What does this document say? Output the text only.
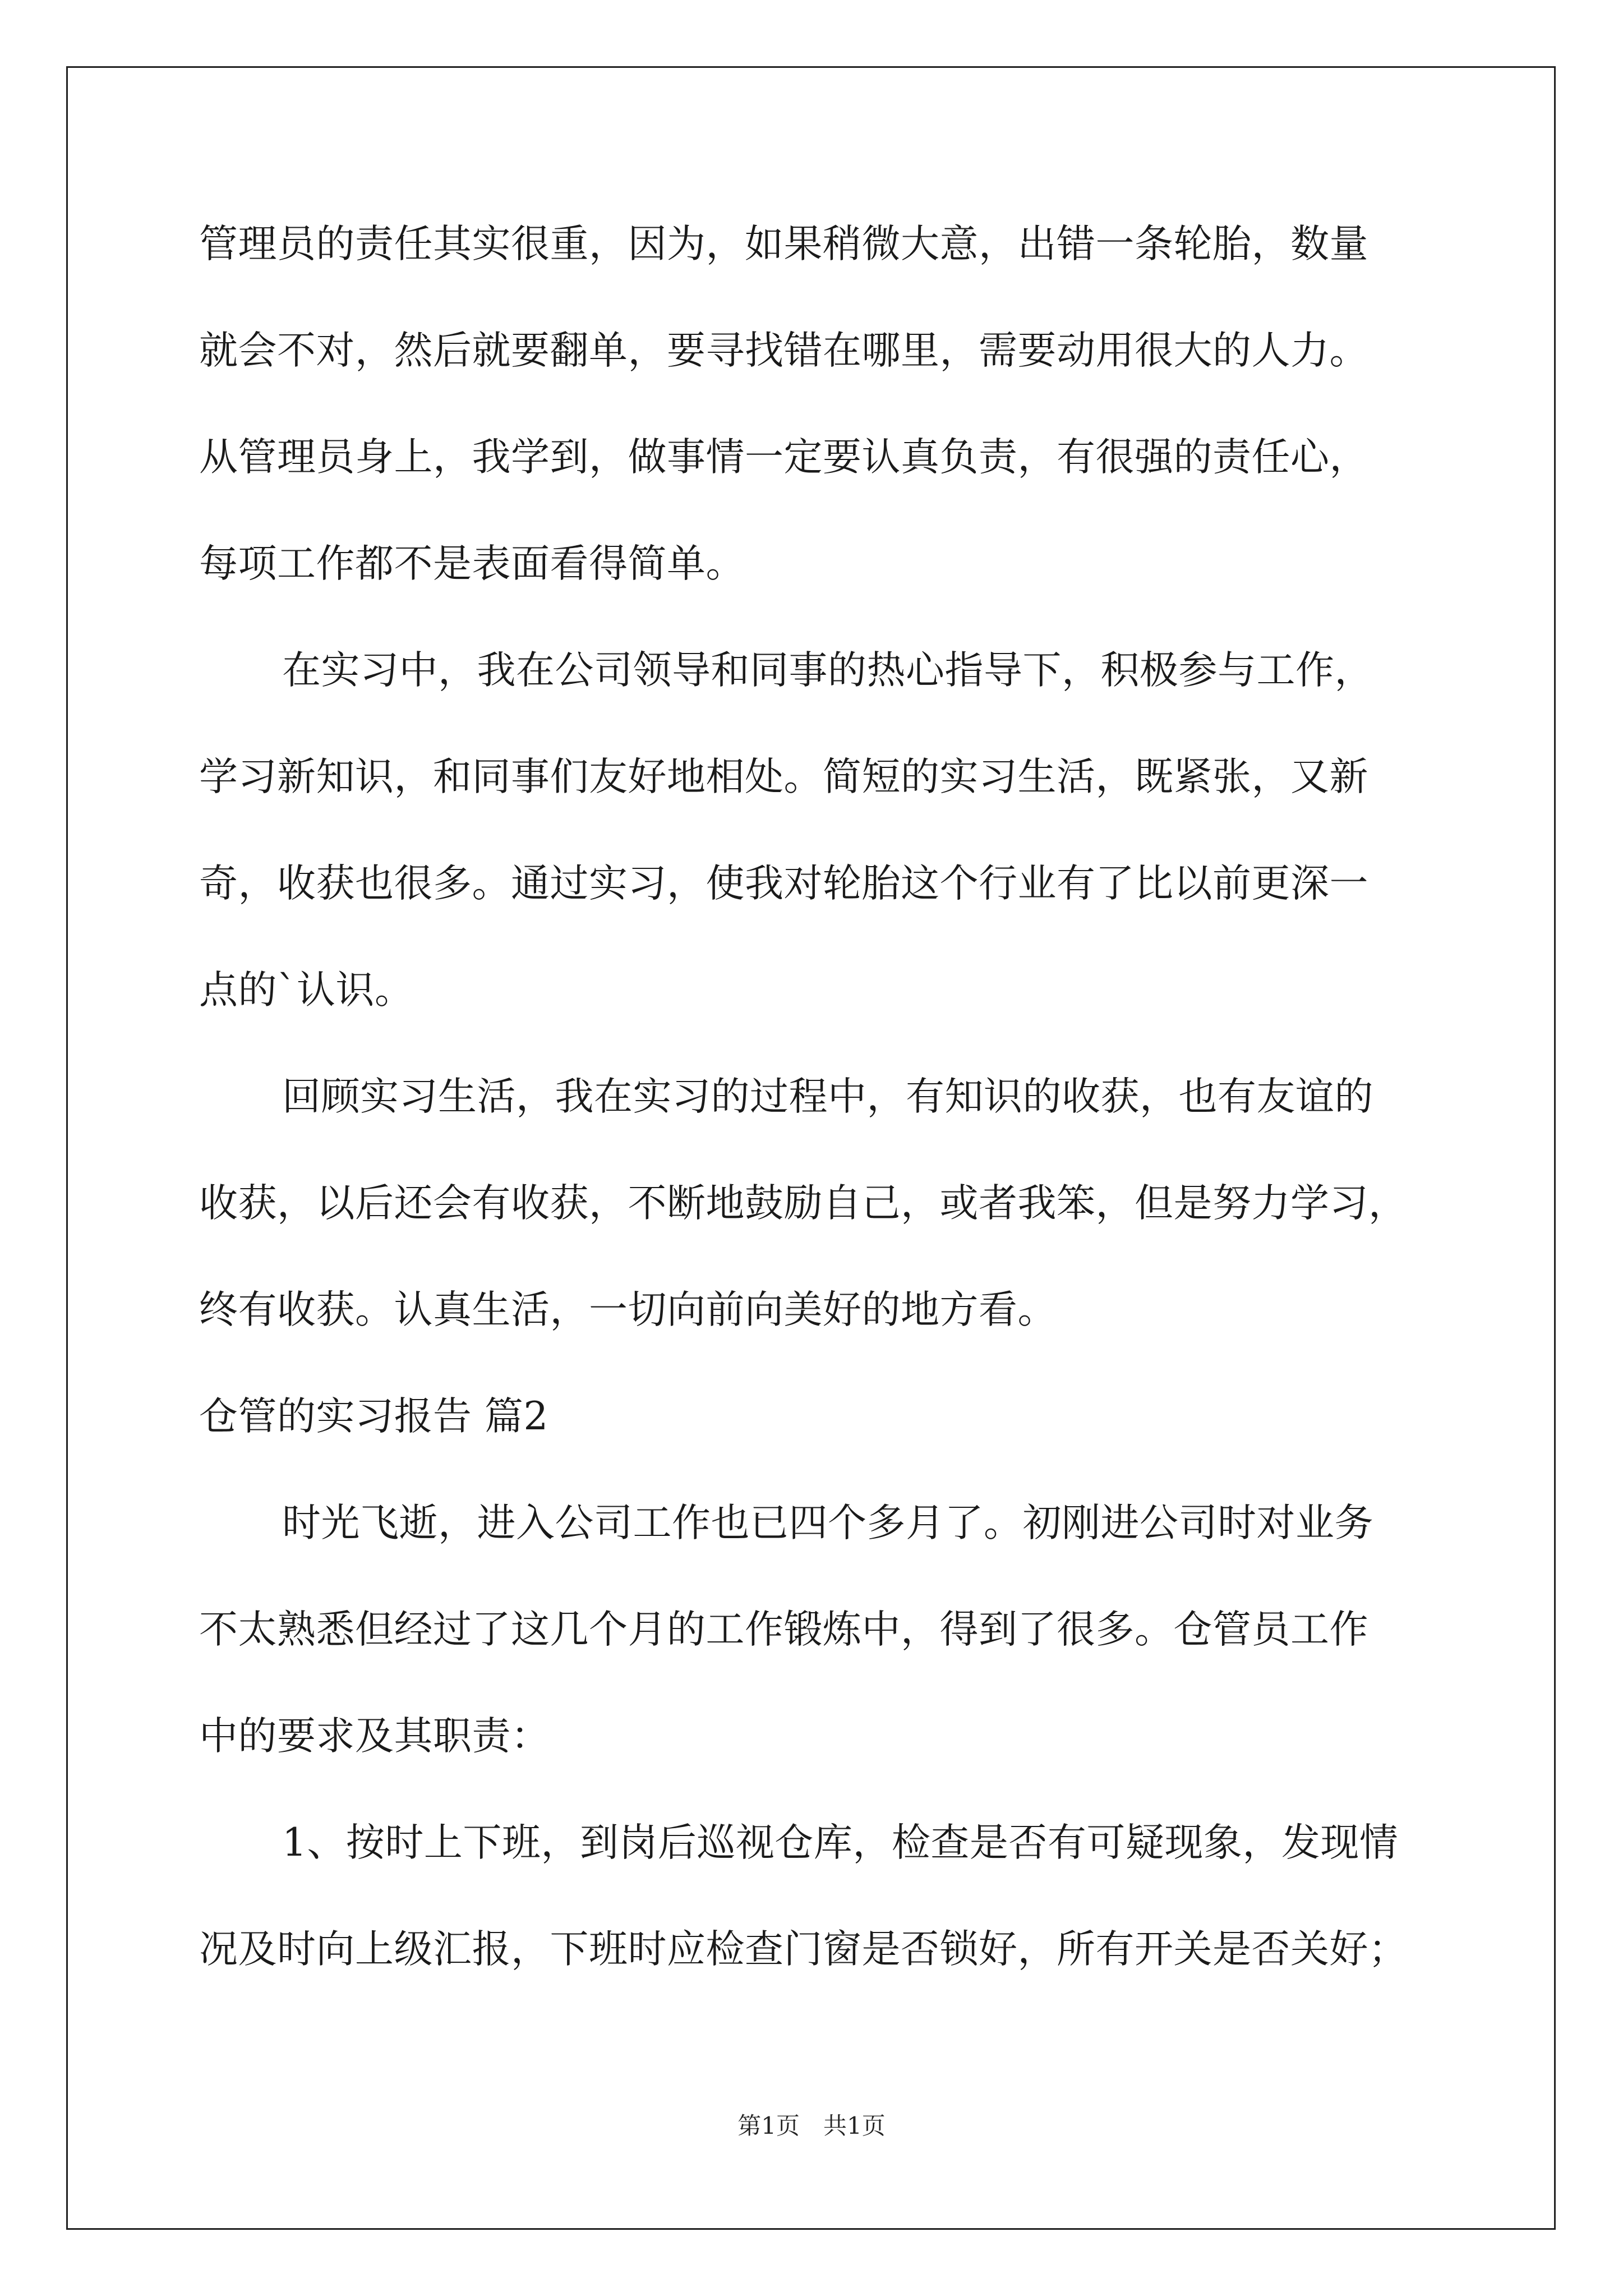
管理员的责任其实很重，因为，如果稍微大意，出错一条轮胎，数量
就会不对，然后就要翻单，要寻找错在哪里，需要动用很大的人力。
从管理员身上，我学到，做事情一定要认真负责，有很强的责任心，
每项工作都不是表面看得简单。
在实习中，我在公司领导和同事的热心指导下，积极参与工作，
学习新知识，和同事们友好地相处。简短的实习生活，既紧张，又新
奇，收获也很多。通过实习，使我对轮胎这个行业有了比以前更深一
点的`认识。
回顾实习生活，我在实习的过程中，有知识的收获，也有友谊的
收获，以后还会有收获，不断地鼓励自己，或者我笨，但是努力学习，
终有收获。认真生活，一切向前向美好的地方看。
仓管的实习报告 篇2
时光飞逝，进入公司工作也已四个多月了。初刚进公司时对业务
不太熟悉但经过了这几个月的工作锻炼中，得到了很多。仓管员工作
中的要求及其职责：
1、按时上下班，到岗后巡视仓库，检查是否有可疑现象，发现情
况及时向上级汇报，下班时应检查门窗是否锁好，所有开关是否关好；
第1页　共1页
